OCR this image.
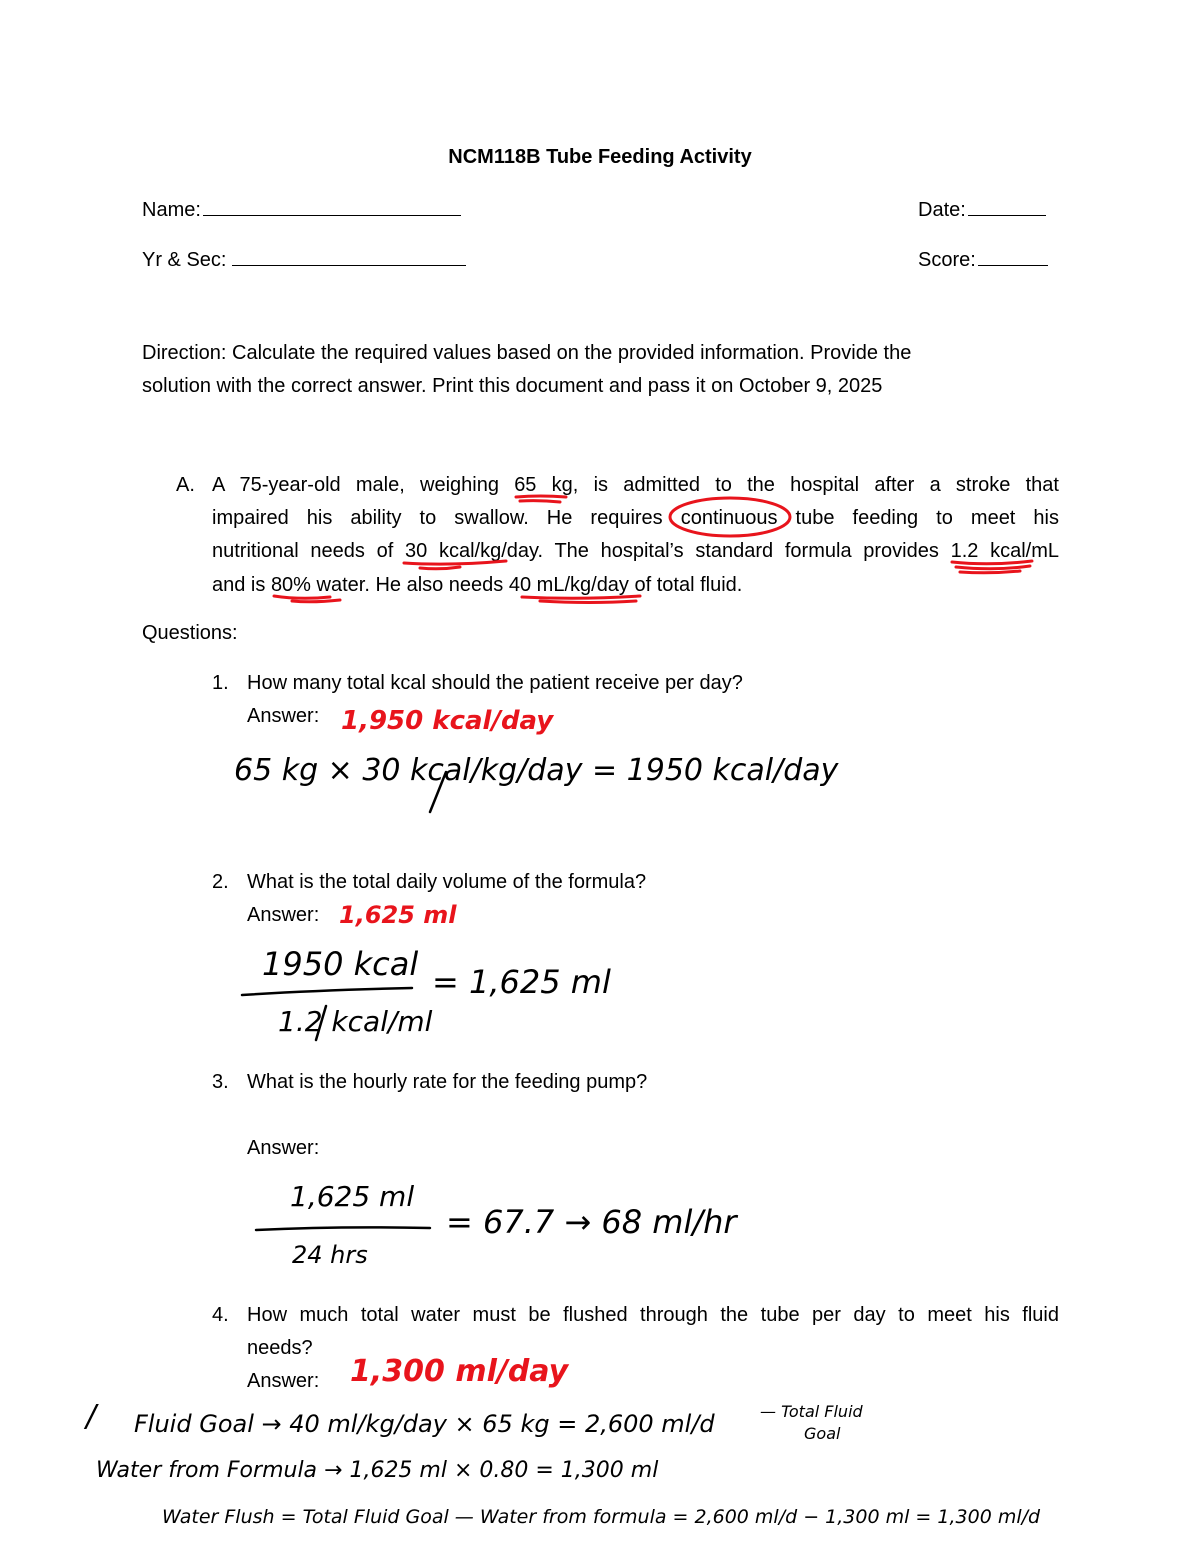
NCM118B Tube Feeding Activity
Name:	Date:
Yr & Sec:	Score:
Direction: Calculate the required values based on the provided information. Provide the
solution with the correct answer. Print this document and pass it on October 9, 2025
A. A 75-year-old male, weighing 65 kg, is admitted to the hospital after a stroke that
impaired his ability to swallow. He requires continuous tube feeding to meet his
nutritional needs of 30 kcal/kg/day. The hospital’s standard formula provides 1.2 kcal/mL
and is 80% water. He also needs 40 mL/kg/day of total fluid.
Questions:
1. How many total kcal should the patient receive per day?
Answer: 1,950 kcal/day
65 kg × 30 kcal/kg/day = 1950 kcal/day
2. What is the total daily volume of the formula?
Answer: 1,625 ml
1950 kcal
1.2 kcal/ml
= 1,625 ml
3. What is the hourly rate for the feeding pump?
Answer:
1,625 ml
24 hrs
= 67.7 → 68 ml/hr
4. How much total water must be flushed through the tube per day to meet his fluid
needs?
Answer: 1,300 ml/day
/ Fluid Goal → 40 ml/kg/day × 65 kg = 2,600 ml/d	— Total Fluid
Goal
Water from Formula → 1,625 ml × 0.80 = 1,300 ml
Water Flush = Total Fluid Goal — Water from formula = 2,600 ml/d − 1,300 ml = 1,300 ml/d
